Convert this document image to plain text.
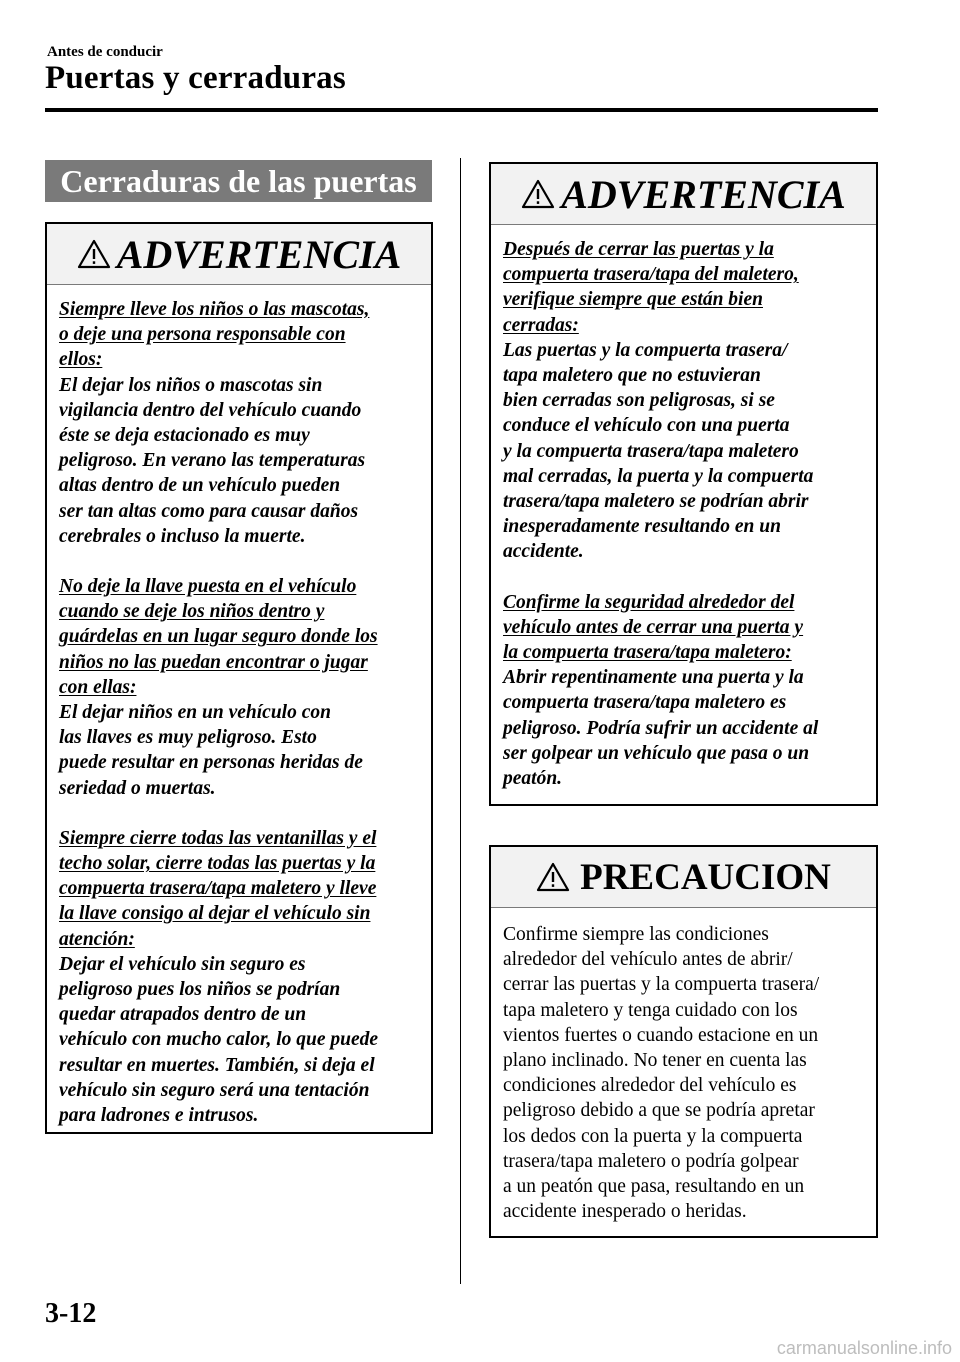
Antes de conducir
Puertas y cerraduras
Cerraduras de las puertas
ADVERTENCIA
Siempre lleve los niños o las mascotas,
o deje una persona responsable con
ellos:
El dejar los niños o mascotas sin
vigilancia dentro del vehículo cuando
éste se deja estacionado es muy
peligroso. En verano las temperaturas
altas dentro de un vehículo pueden
ser tan altas como para causar daños
cerebrales o incluso la muerte.
No deje la llave puesta en el vehículo
cuando se deje los niños dentro y
guárdelas en un lugar seguro donde los
niños no las puedan encontrar o jugar
con ellas:
El dejar niños en un vehículo con
las llaves es muy peligroso. Esto
puede resultar en personas heridas de
seriedad o muertas.
Siempre cierre todas las ventanillas y el
techo solar, cierre todas las puertas y la
compuerta trasera/tapa maletero y lleve
la llave consigo al dejar el vehículo sin
atención:
Dejar el vehículo sin seguro es
peligroso pues los niños se podrían
quedar atrapados dentro de un
vehículo con mucho calor, lo que puede
resultar en muertes. También, si deja el
vehículo sin seguro será una tentación
para ladrones e intrusos.
ADVERTENCIA
Después de cerrar las puertas y la
compuerta trasera/tapa del maletero,
verifique siempre que están bien
cerradas:
Las puertas y la compuerta trasera/
tapa maletero que no estuvieran
bien cerradas son peligrosas, si se
conduce el vehículo con una puerta
y la compuerta trasera/tapa maletero
mal cerradas, la puerta y la compuerta
trasera/tapa maletero se podrían abrir
inesperadamente resultando en un
accidente.
Confirme la seguridad alrededor del
vehículo antes de cerrar una puerta y
la compuerta trasera/tapa maletero:
Abrir repentinamente una puerta y la
compuerta trasera/tapa maletero es
peligroso. Podría sufrir un accidente al
ser golpear un vehículo que pasa o un
peatón.
PRECAUCION
Confirme siempre las condiciones
alrededor del vehículo antes de abrir/
cerrar las puertas y la compuerta trasera/
tapa maletero y tenga cuidado con los
vientos fuertes o cuando estacione en un
plano inclinado. No tener en cuenta las
condiciones alrededor del vehículo es
peligroso debido a que se podría apretar
los dedos con la puerta y la compuerta
trasera/tapa maletero o podría golpear
a un peatón que pasa, resultando en un
accidente inesperado o heridas.
3-12
carmanualsonline.info
